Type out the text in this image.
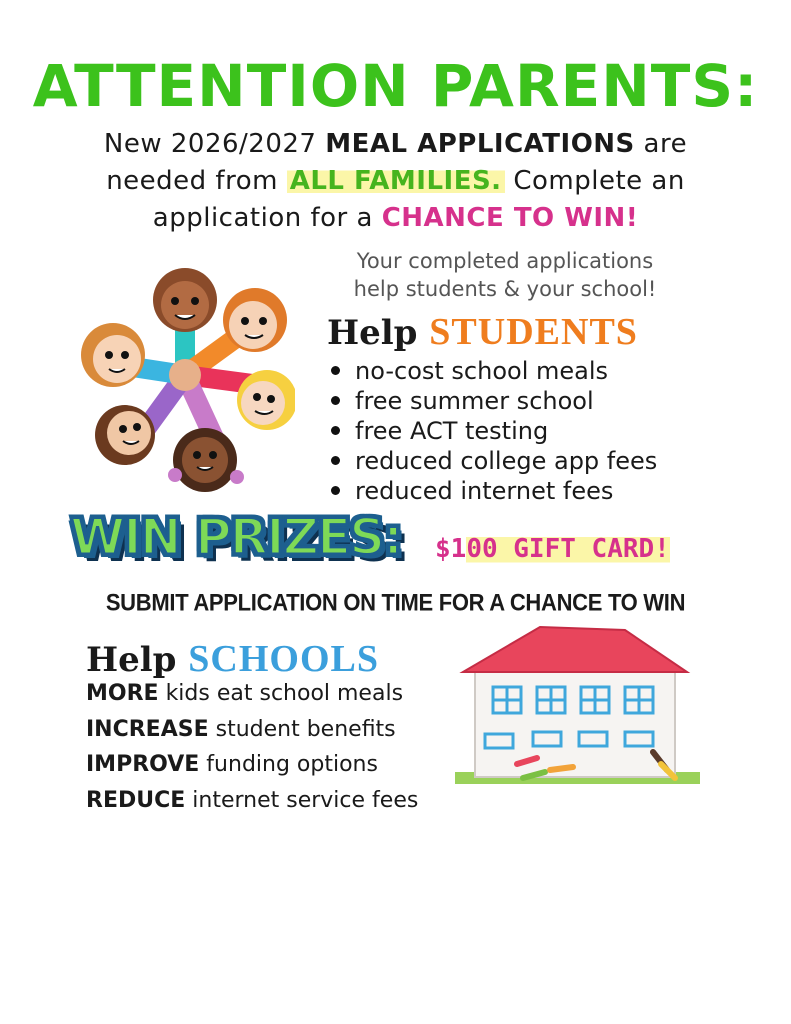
ATTENTION PARENTS:
New 2026/2027 MEAL APPLICATIONS are
needed from ALL FAMILIES. Complete an
application for a CHANCE TO WIN!
Your completed applications
help students & your school!
Help STUDENTS
no-cost school meals
free summer school
free ACT testing
reduced college app fees
reduced internet fees
WIN PRIZES: $100 GIFT CARD!
SUBMIT APPLICATION ON TIME FOR A CHANCE TO WIN
Help SCHOOLS
MORE kids eat school meals
INCREASE student benefits
IMPROVE funding options
REDUCE internet service fees
